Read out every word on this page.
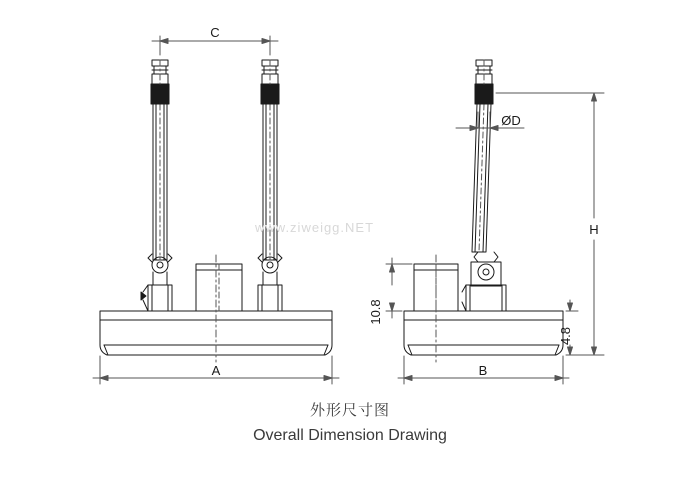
C
A	B
H
ØD
10.8
4.8
www.ziweigg.NET
外形尺寸图
Overall Dimension Drawing
